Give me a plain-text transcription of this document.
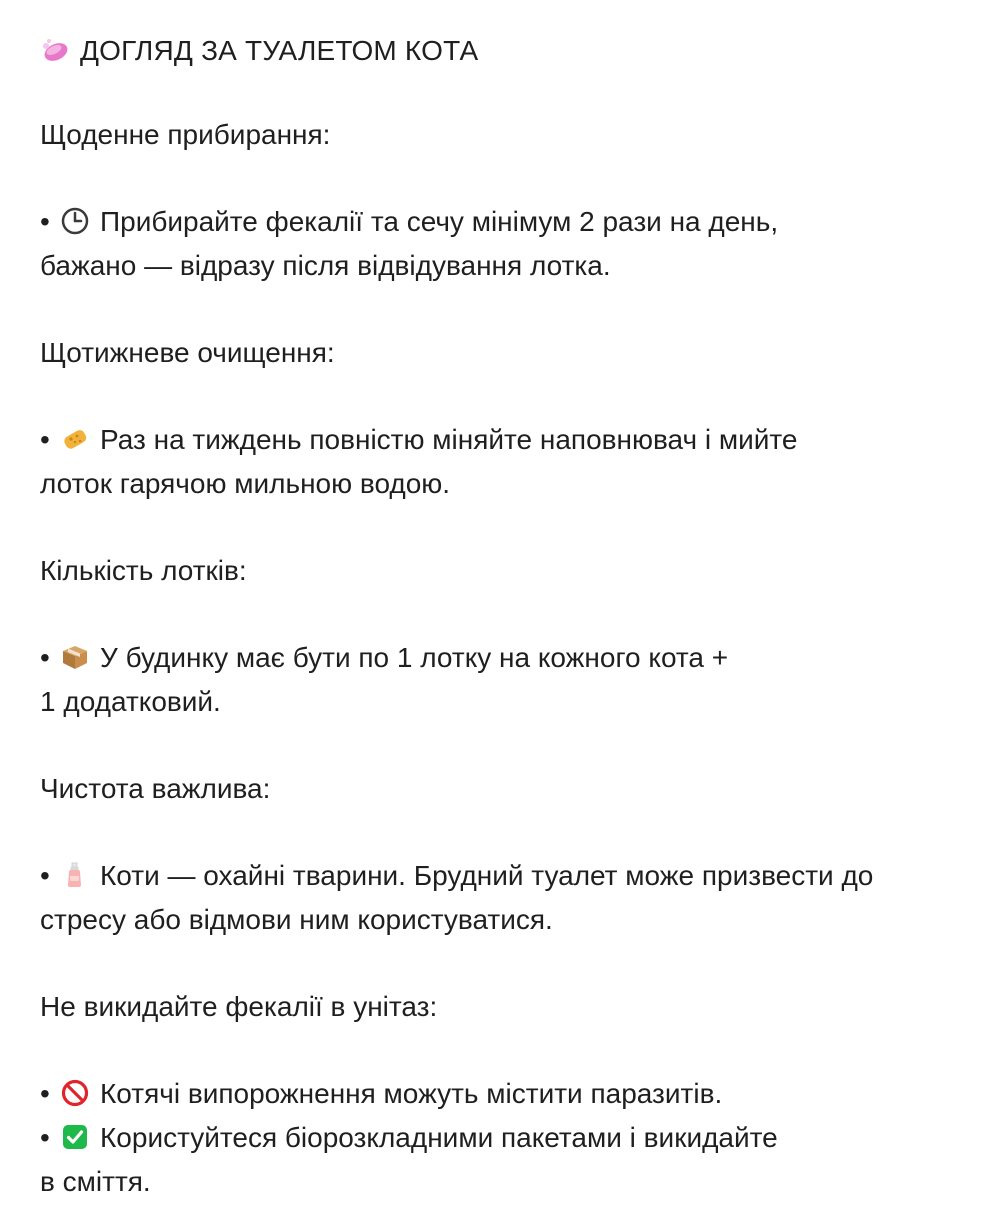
ДОГЛЯД ЗА ТУАЛЕТОМ КОТА
Щоденне прибирання:
• Прибирайте фекалії та сечу мінімум 2 рази на день,
бажано — відразу після відвідування лотка.
Щотижневе очищення:
• Раз на тиждень повністю міняйте наповнювач і мийте
лоток гарячою мильною водою.
Кількість лотків:
• У будинку має бути по 1 лотку на кожного кота +
1 додатковий.
Чистота важлива:
• Коти — охайні тварини. Брудний туалет може призвести до
стресу або відмови ним користуватися.
Не викидайте фекалії в унітаз:
• Котячі випорожнення можуть містити паразитів.
• Користуйтеся біорозкладними пакетами і викидайте
в сміття.
